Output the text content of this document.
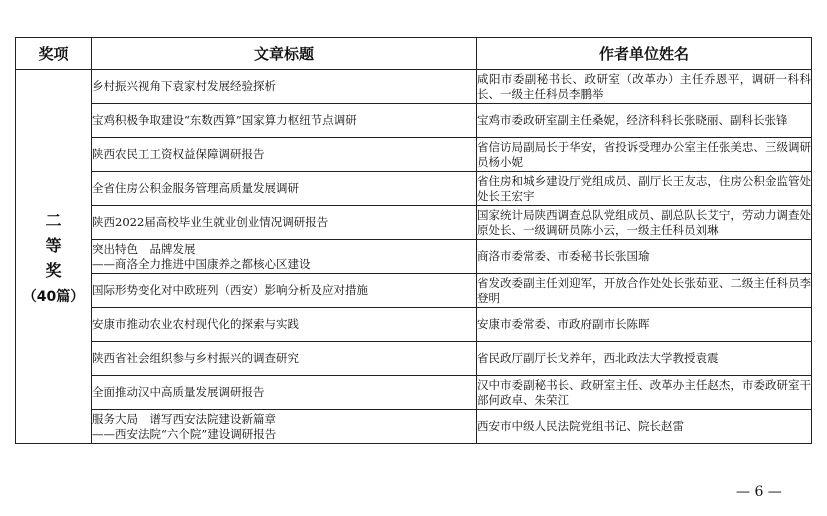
奖项	文章标题	作者单位姓名

二
等
奖
（40篇）	乡村振兴视角下袁家村发展经验探析	咸阳市委副秘书长、政研室（改革办）主任乔恩平，调研一科科长、一级主任科员李鹏举

	宝鸡积极争取建设“东数西算”国家算力枢纽节点调研	宝鸡市委政研室副主任桑妮，经济科科长张晓丽、副科长张锋

	陕西农民工工资权益保障调研报告	省信访局副局长于华安，省投诉受理办公室主任张美忠、三级调研员杨小妮

	全省住房公积金服务管理高质量发展调研	省住房和城乡建设厅党组成员、副厅长王友志，住房公积金监管处处长王宏宇

	陕西2022届高校毕业生就业创业情况调研报告	国家统计局陕西调查总队党组成员、副总队长艾宁，劳动力调查处原处长、一级调研员陈小云，一级主任科员刘琳

	突出特色　品牌发展
——商洛全力推进中国康养之都核心区建设	商洛市委常委、市委秘书长张国瑜

	国际形势变化对中欧班列（西安）影响分析及应对措施	省发改委副主任刘迎军，开放合作处处长张茹亚、二级主任科员李登明

	安康市推动农业农村现代化的探索与实践	安康市委常委、市政府副市长陈晖

	陕西省社会组织参与乡村振兴的调查研究	省民政厅副厅长戈养年，西北政法大学教授袁震

	全面推动汉中高质量发展调研报告	汉中市委副秘书长、政研室主任、改革办主任赵杰，市委政研室干部何政卓、朱荣江

	服务大局　谱写西安法院建设新篇章
——西安法院“六个院”建设调研报告	西安市中级人民法院党组书记、院长赵雷
— 6 —
